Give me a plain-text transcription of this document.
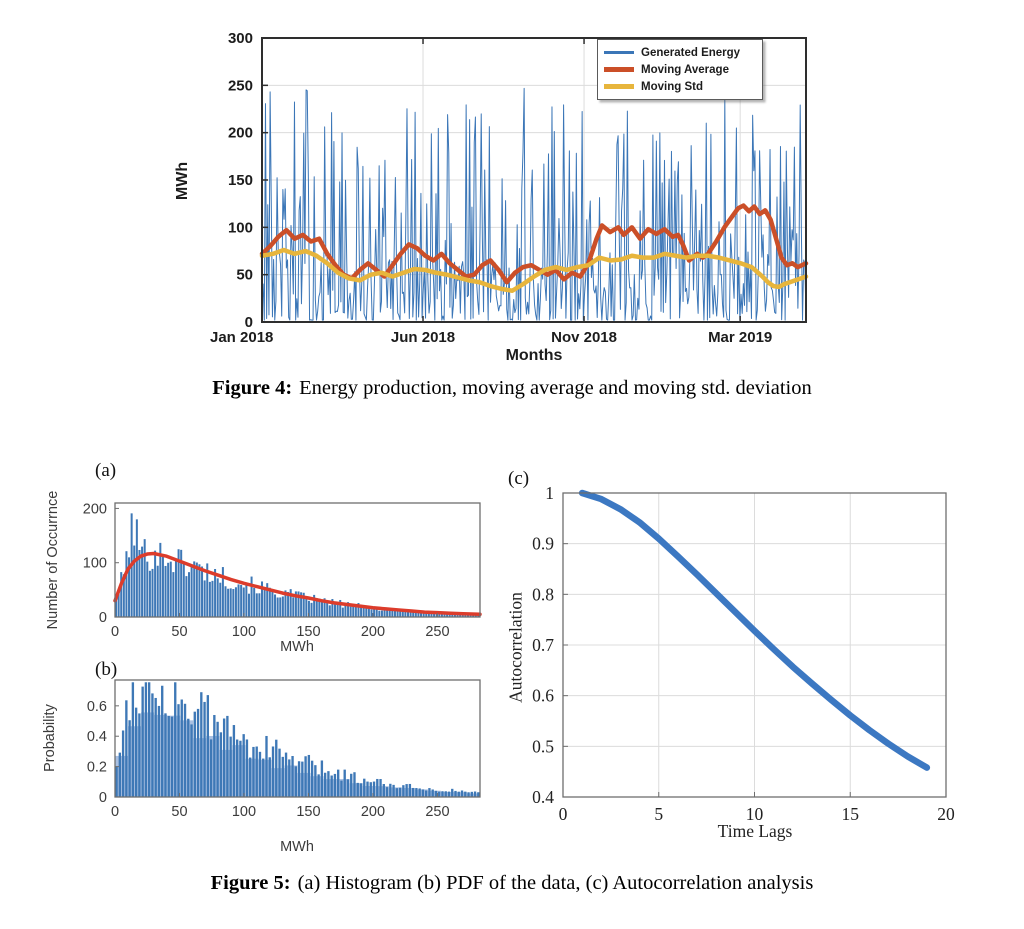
0
50
100
150
200
250
300
Jan 2018	Jun 2018	Nov 2018	Mar 2019
MWh
Months
Generated Energy
Moving Average
Moving Std
Figure 4: Energy production, moving average and moving std. deviation
0
100
200
0	50	100	150	200	250
(a)
Number of Occurrnce
MWh
0
0.2
0.4
0.6
0	50	100	150	200	250
(b)
Probability
MWh
0.4
0.5
0.6
0.7
0.8
0.9
1
0	5	10	15	20
(c)
Autocorrelation
Time Lags
Figure 5: (a) Histogram (b) PDF of the data, (c) Autocorrelation analysis
